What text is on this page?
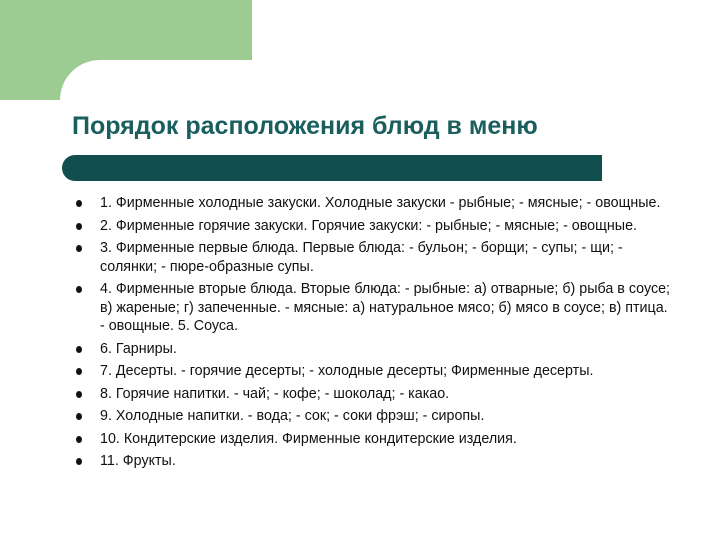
Порядок расположения блюд в меню
1. Фирменные холодные закуски. Холодные закуски - рыбные; - мясные; - овощные.
2. Фирменные горячие закуски. Горячие закуски: - рыбные; - мясные; - овощные.
3. Фирменные первые блюда. Первые блюда: - бульон; - борщи; - супы; - щи; - солянки; - пюре-образные супы.
4. Фирменные вторые блюда. Вторые блюда: - рыбные: а) отварные; б) рыба в соусе; в) жареные; г) запеченные. - мясные: а) натуральное мясо; б) мясо в соусе; в) птица. - овощные. 5. Соуса.
6. Гарниры.
7. Десерты. - горячие десерты; - холодные десерты; Фирменные десерты.
8. Горячие напитки. - чай; - кофе; - шоколад; - какао.
9. Холодные напитки. - вода; - сок; - соки фрэш; - сиропы.
10. Кондитерские изделия. Фирменные кондитерские изделия.
11. Фрукты.
